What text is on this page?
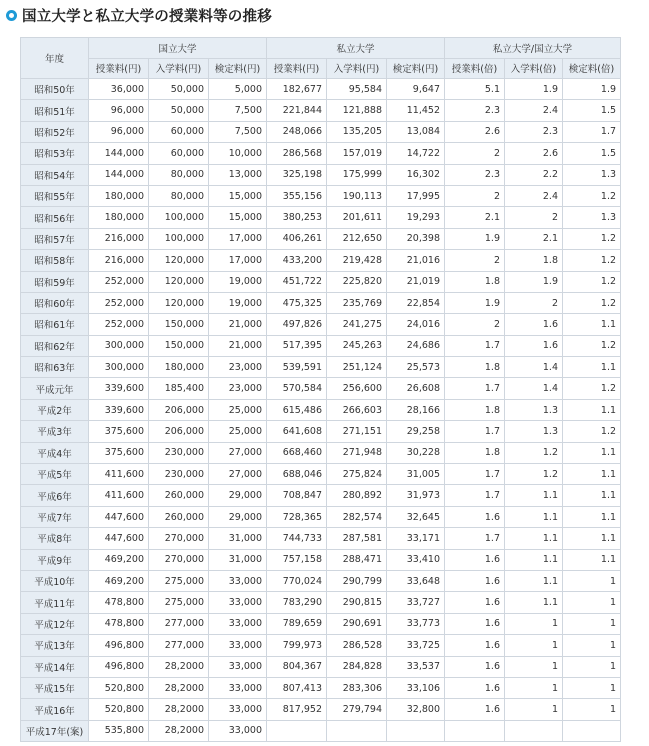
国立大学と私立大学の授業料等の推移
年度	国立大学			私立大学			私立大学/国立大学		
	授業料(円)	入学料(円)	検定料(円)	授業料(円)	入学料(円)	検定料(円)	授業料(倍)	入学料(倍)	検定料(倍)
昭和50年	36,000	50,000	5,000	182,677	95,584	9,647	5.1	1.9	1.9
昭和51年	96,000	50,000	7,500	221,844	121,888	11,452	2.3	2.4	1.5
昭和52年	96,000	60,000	7,500	248,066	135,205	13,084	2.6	2.3	1.7
昭和53年	144,000	60,000	10,000	286,568	157,019	14,722	2	2.6	1.5
昭和54年	144,000	80,000	13,000	325,198	175,999	16,302	2.3	2.2	1.3
昭和55年	180,000	80,000	15,000	355,156	190,113	17,995	2	2.4	1.2
昭和56年	180,000	100,000	15,000	380,253	201,611	19,293	2.1	2	1.3
昭和57年	216,000	100,000	17,000	406,261	212,650	20,398	1.9	2.1	1.2
昭和58年	216,000	120,000	17,000	433,200	219,428	21,016	2	1.8	1.2
昭和59年	252,000	120,000	19,000	451,722	225,820	21,019	1.8	1.9	1.2
昭和60年	252,000	120,000	19,000	475,325	235,769	22,854	1.9	2	1.2
昭和61年	252,000	150,000	21,000	497,826	241,275	24,016	2	1.6	1.1
昭和62年	300,000	150,000	21,000	517,395	245,263	24,686	1.7	1.6	1.2
昭和63年	300,000	180,000	23,000	539,591	251,124	25,573	1.8	1.4	1.1
平成元年	339,600	185,400	23,000	570,584	256,600	26,608	1.7	1.4	1.2
平成2年	339,600	206,000	25,000	615,486	266,603	28,166	1.8	1.3	1.1
平成3年	375,600	206,000	25,000	641,608	271,151	29,258	1.7	1.3	1.2
平成4年	375,600	230,000	27,000	668,460	271,948	30,228	1.8	1.2	1.1
平成5年	411,600	230,000	27,000	688,046	275,824	31,005	1.7	1.2	1.1
平成6年	411,600	260,000	29,000	708,847	280,892	31,973	1.7	1.1	1.1
平成7年	447,600	260,000	29,000	728,365	282,574	32,645	1.6	1.1	1.1
平成8年	447,600	270,000	31,000	744,733	287,581	33,171	1.7	1.1	1.1
平成9年	469,200	270,000	31,000	757,158	288,471	33,410	1.6	1.1	1.1
平成10年	469,200	275,000	33,000	770,024	290,799	33,648	1.6	1.1	1
平成11年	478,800	275,000	33,000	783,290	290,815	33,727	1.6	1.1	1
平成12年	478,800	277,000	33,000	789,659	290,691	33,773	1.6	1	1
平成13年	496,800	277,000	33,000	799,973	286,528	33,725	1.6	1	1
平成14年	496,800	28,2000	33,000	804,367	284,828	33,537	1.6	1	1
平成15年	520,800	28,2000	33,000	807,413	283,306	33,106	1.6	1	1
平成16年	520,800	28,2000	33,000	817,952	279,794	32,800	1.6	1	1
平成17年(案)	535,800	28,2000	33,000						
